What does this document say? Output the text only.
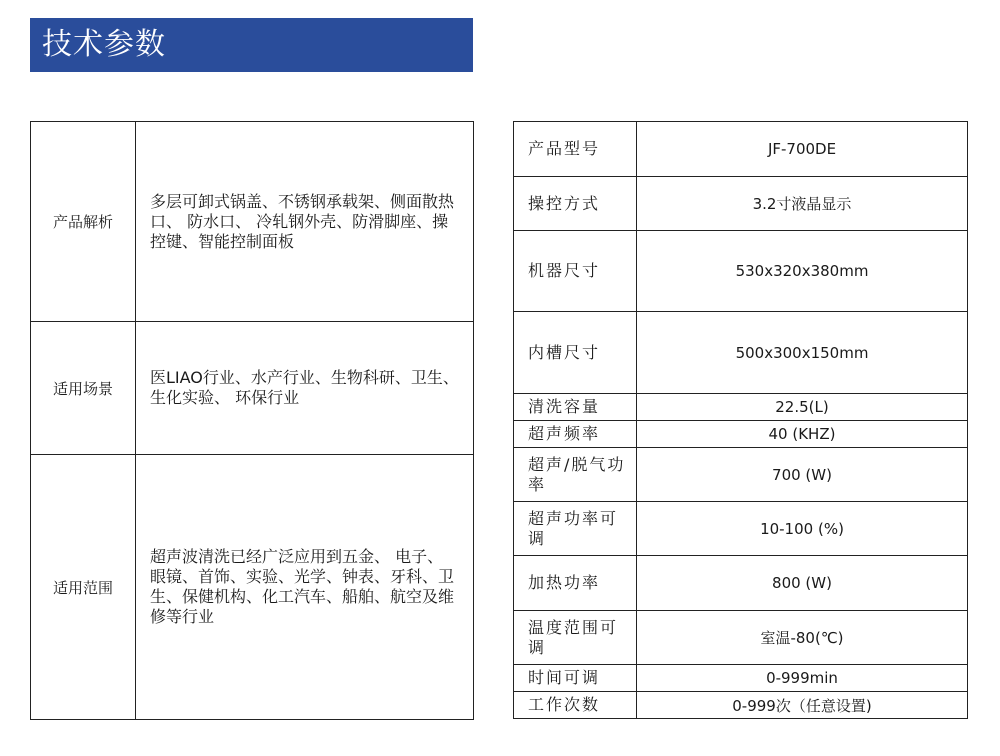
技术参数
产品解析	多层可卸式锅盖、不锈钢承载架、侧面散热口、 防水口、 冷轧钢外壳、防滑脚座、操控键、智能控制面板
适用场景	医LIAO行业、水产行业、生物科研、卫生、生化实验、 环保行业
适用范围	超声波清洗已经广泛应用到五金、 电子、 眼镜、首饰、实验、光学、钟表、牙科、卫生、保健机构、化工汽车、船舶、航空及维修等行业
产品型号	JF-700DE
操控方式	3.2寸液晶显示
机器尺寸	530x320x380mm
内槽尺寸	500x300x150mm
清洗容量	22.5(L)
超声频率	40 (KHZ)
超声/脱气功　　率	700 (W)
超声功率可　　调	10-100 (%)
加热功率	800 (W)
温度范围可　　调	室温-80(℃)
时间可调	0-999min
工作次数	0-999次（任意设置)
